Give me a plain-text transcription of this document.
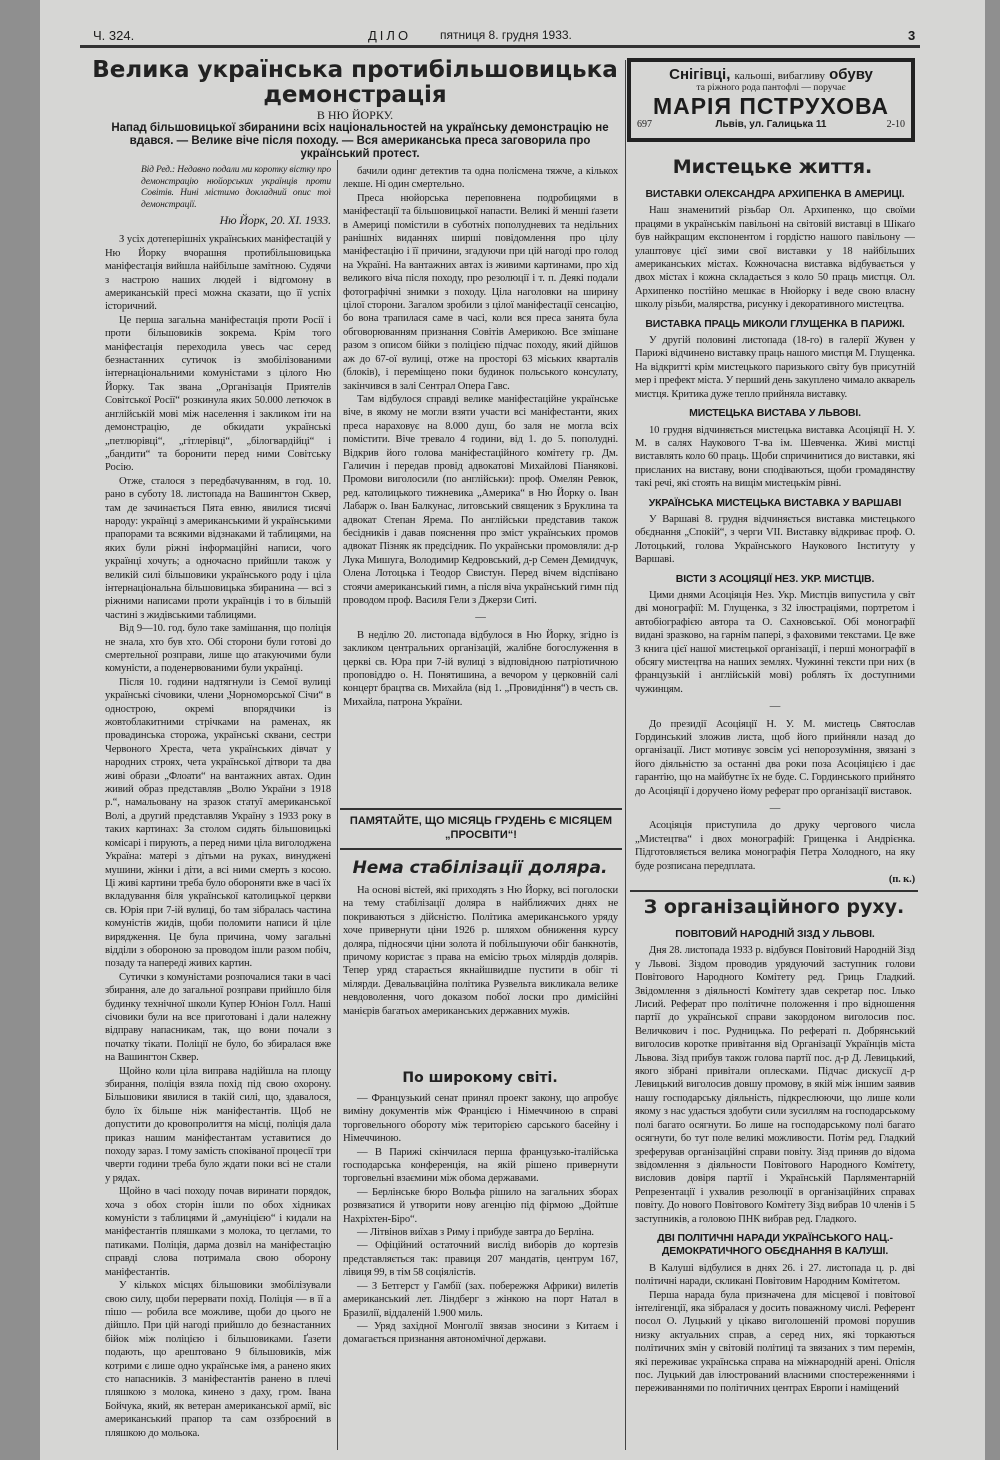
Ч. 324.	ДІЛО пятниця 8. грудня 1933.	3
Велика українська протибільшовицька демонстрація
В НЮ ЙОРКУ.
Напад більшовицької збиранини всіх національностей на українську демонстрацію не вдався. — Велике віче після походу. — Вся американська преса заговорила про український протест.
Від Ред.: Недавно подали ми коротку вістку про демонстрацію нюйорських українців проти Совітів. Нині містимо докладний опис тої демонстрації.
Ню Йорк, 20. XI. 1933.

З усіх дотеперішніх українських маніфестацій у Ню Йорку вчорашня протибільшовицька маніфестація вийшла найбільше замітною. Судячи з настрою наших людей і відгомону в американській пресі можна сказати, що її успіх історичний.

Це перша загальна маніфестація проти Росії і проти більшовиків зокрема. Крім того маніфестація переходила увесь час серед безнастанних сутичок із змобілізованими інтернаціональними комуністами з цілого Ню Йорку. Так звана „Організація Приятелів Совітської Росії“ розкинула яких 50.000 летючок в англійській мові між населення і закликом іти на демонстрацію, де обкидати українські „петлюрівці“, „гітлерівці“, „білогвардійці“ і „бандити“ та боронити перед ними Совітську Росію.

Отже, сталося з передбачуванням, в год. 10. рано в суботу 18. листопада на Вашингтон Сквер, там де зачинається Пята евню, явилися тисячі народу: українці з американськими й українськими прапорами та всякими відзнаками й таблицями, на яких були ріжні інформаційні написи, чого українці хочуть; а одночасно прийшли також у великій силі більшовики українського роду і ціла інтернаціональна більшовицька збиранина — всі з ріжними написами проти українців і то в більшій частині з жидівськими таблицями.

Від 9—10. год. було таке замішання, що поліція не знала, хто був хто. Обі сторони були готові до смертельної розправи, лише що атакуючими були комуністи, а поденервованими були українці.

Після 10. години надтягнули із Семої вулиці українські січовики, члени „Чорноморської Січи“ в однострою, окремі впорядчики із жовтоблакитними стрічками на раменах, як провадинська сторожа, українські сквани, сестри Червоного Хреста, чета українських дівчат у народних строях, чета української дітвори та два живі образи „Флоати“ на вантажних автах. Один живий образ представляв „Волю України з 1918 р.“, намальовану на зразок статуї американської Волі, а другий представляв Україну з 1933 року в таких картинах: За столом сидять більшовицькі комісарі і пирують, а перед ними ціла виголоджена Україна: матері з дітьми на руках, винуджені мушини, жінки і діти, а всі ними смерть з косою. Ці живі картини треба було обороняти вже в часі їх вкладування біля української католицької церкви св. Юрія при 7-ій вулиці, бо там зібралась частина комуністів жидів, щоби поломити написи й ціле вирядження. Це була причина, чому загальні відділи з обороною за проводом ішли разом побіч, позаду та напереді живих картин.

Сутички з комуністами розпочалися таки в часі збирання, але до загальної розправи прийшло біля будинку технічної школи Купер Юніон Голл. Наші січовики були на все приготовані і дали належну відправу напасникам, так, що вони почали з початку тікати. Поліції не було, бо збиралася вже на Вашингтон Сквер.

Щойно коли ціла виправа надійшла на площу збирання, поліція взяла похід під свою охорону. Більшовики явилися в такій силі, що, здавалося, було їх більше ніж маніфестантів. Щоб не допустити до кровопролиття на місці, поліція дала приказ нашим маніфестантам уставитися до походу зараз. І тому замість споківаної процесії три чверти години треба було ждати поки всі не стали у рядах.

Щойно в часі походу почав виринати порядок, хоча з обох сторін ішли по обох хідниках комуністи з таблицями й „амуніцією“ і кидали на маніфестантів пляшками з молока, то цеглами, то патиками. Поліція, дарма дозвіл на маніфестацію справді слова потримала свою оборону маніфестантів.

У кількох місцях більшовики змобілізували свою силу, щоби перервати похід. Поліція — в її а пішо — робила все можливе, щоби до цього не дійшло. При цій нагоді прийшло до безнастанних бійок між поліцією і більшовиками. Ґазети подають, що арештовано 9 більшовиків, між котрими є лише одно українське імя, а ранено яких сто напасників. З маніфестантів ранено в плечі пляшкою з молока, кинено з даху, гром. Івана Бойчука, який, як ветеран американської армії, віс американський прапор та сам оззброєний в пляшкою до мольока.

бачили одинг детектив та одна полісмена тяжче, а кількох лекше. Ні один смертельно.

Преса нюйорська переповнена подробицями в маніфестації та більшовицької напасти. Великі й менші ґазети в Америці помістили в суботніх пополудневих та недільних ранішніх виданнях ширші повідомлення про цілу маніфестацію і її причини, згадуючи при цій нагоді про голод на Україні. На вантажних автах із живими картинами, про хід великого віча після походу, про резолюції і т. п. Деякі подали фотографічні знимки з походу. Ціла наголовки на ширину цілої сторони. Загалом зробили з цілої маніфестації сенсацію, бо вона трапилася саме в часі, коли вся преса занята була обговорюванням признання Совітів Америкою. Все змішане разом з описом бійки з поліцією підчас походу, який дійшов аж до 67-ої вулиці, отже на просторі 63 міських кварталів (блоків), і переміщено поки будинок польського консулату, закінчився в залі Сентрал Опера Гавс.

Там відбулося справді велике маніфестаційне українське віче, в якому не могли взяти участи всі маніфестанти, яких преса нараховує на 8.000 душ, бо заля не могла всіх помістити. Віче тревало 4 години, від 1. до 5. пополудні. Відкрив його голова маніфестаційного комітету гр. Дм. Галичин і передав провід адвокатові Михайлові Піаняковi. Промови виголосили (по англійськи): проф. Омелян Ревюк, ред. католицького тижневика „Америка“ в Ню Йорку о. Іван Лабарж о. Іван Балкунас, литовський священик з Бруклина та адвокат Степан Яремa. По англійськи представив також бесідників і давав пояснення про зміст українських промов адвокат Пізняк як предсідник. По українськи промовляли: д-р Лука Мишуга, Володимир Кедровський, д-р Семен Демидчук, Олена Лотоцька і Теодор Свистун. Перед вічем відспівано стоячи американський гимн, а після віча український гимн під проводом проф. Василя Гели з Джерзи Ситі.

—

В неділю 20. листопада відбулося в Ню Йорку, згідно із закликом центральних організацій, жалібне богослуження в церкві св. Юра при 7-ій вулиці з відповідною патріотичною проповіддю о. Н. Понятишина, а вечором у церковній салі концерт брацтва св. Михайла (від 1. „Провидіння“) в честь св. Михайла, патрона України.

ПАМЯТАЙТЕ, ЩО МІСЯЦЬ ГРУДЕНЬ Є МІСЯЦЕМ „ПРОСВІТИ“!
Нема стабілізації доляра.

На основі вістей, які приходять з Ню Йорку, всі поголоски на тему стабілізації доляра в найближчих днях не покриваються з дійсністю. Політика американського уряду хоче привернути ціни 1926 р. шляхом обниження курсу доляра, підносячи ціни золота й побільшуючи обіг банкнотів, причому користає з права на емісію трьох мілярдів долярів. Тепер уряд старається якнайшвидше пустити в обіг ті мілярди. Девальваційна політика Рузвельта викликала велике невдоволення, чого доказом побої лоски про димісійні манієрів багатьох американських державних мужів.

По широкому світі.

— Французький сенат принял проект закону, що апробує виміну документів між Францією і Німеччиною в справі торговельного обороту між територією сарського басейну і Німеччиною.

— В Парижі скінчилася перша французько-італійська господарська конференція, на якій рішено привернути торговельні взаємини між обома державами.

— Берлінське бюро Вольфа рішило на загальних зборах розвязатися й утворити нову агенцію під фірмою „Дойтше Нахріхтен-Біро“.

— Літвінов виїхав з Риму і прибуде завтра до Берліна.

— Офіційний остаточний вислід виборів до кортезів представляється так: правиця 207 мандатів, центрум 167, лівиця 99, в тім 58 соціялістів.

— З Бетгерст у Гамбії (зах. побережжя Африки) вилетів американський лет. Ліндберг з жінкою на порт Натал в Бразилії, віддаленій 1.900 миль.

— Уряд західної Монголії звязав зносини з Китаєм і домагається признання автономічної держави.

Снігівці, кальоші, вибагливу обуву
та ріжного рода пантофлі — поручає
МАРІЯ ПСТРУХОВА
697	Львів, ул. Галицька 11	2-10
Мистецьке життя.
ВИСТАВКИ ОЛЕКСАНДРА АРХИПЕНКА В АМЕРИЦІ.

Наш знаменитий різьбар Ол. Архипенко, що своїми працями в українськім павільоні на світовій виставці в Шікаґо був найкращим експонентом і гордістю нашого павільону — улаштовує цієї зими свої виставки у 18 найбільших американських містах. Кожночасна виставка відбувається у двох містах і кожна складається з коло 50 праць мистця. Ол. Архипенко постійно мешкає в Нюйорку і веде свою власну школу різьби, малярства, рисунку і декоративного мистецтва.

ВИСТАВКА ПРАЦЬ МИКОЛИ ГЛУЩЕНКА В ПАРИЖІ.

У другій половині листопада (18-го) в галерії Жувен у Парижі відчинено виставку праць нашого мистця М. Глущенка. На відкритті крім мистецького паризького світу був присутній мер і префект міста. У перший день закуплено чимало акварель мистця. Критика дуже тепло прийняла виставку.

МИСТЕЦЬКА ВИСТАВА У ЛЬВОВІ.

10 грудня відчиняється мистецька виставка Асоціяції Н. У. М. в салях Наукового Т-ва ім. Шевченка. Живі мистці виставлять коло 60 праць. Щоби спричинитися до виставки, які присланих на виставу, вони сподіваються, щоби громадянству такі речі, які стоять на вищім мистецькім рівні.

УКРАЇНСЬКА МИСТЕЦЬКА ВИСТАВКА У ВАРШАВІ

У Варшаві 8. грудня відчиняється виставка мистецького обєднання „Спокій“, з черги VII. Виставку відкриває проф. О. Лотоцький, голова Українського Наукового Інституту у Варшаві.

ВІСТИ З АСОЦІЯЦІЇ НЕЗ. УКР. МИСТЦІВ.

Цими днями Асоціяція Нез. Укр. Мистців випустила у світ дві монографії: М. Глущенка, з 32 ілюстраціями, портретом і автобіографією автора та О. Сахновської. Обі монографії видані зразково, на гарнім папері, з фаховими текстами. Це вже 3 книга цієї нашої мистецької організації, і перші монографії в обсягу мистецтва на наших землях. Чужинні тексти при них (в французькій і англійській мові) роблять їх доступними чужинцям.

—

До президії Асоціяції Н. У. М. мистець Святослав Гординський зложив листа, щоб його прийняли назад до організації. Лист мотивує зовсім усі непорозуміння, звязані з його діяльністю за останні два роки поза Асоціяцією і дає гарантію, що на майбутнє їх не буде. С. Гординського прийнято до Асоціяції і доручено йому реферат про організації виставок.

—

Асоціяція приступила до друку чергового числа „Мистецтва“ і двох монографій: Грищенка і Андрієнка. Підготовляється велика монографія Петра Холодного, на яку буде розписана передплата.

(п. к.)
З організаційного руху.
ПОВІТОВИЙ НАРОДНІЙ ЗІЗД У ЛЬВОВІ.

Дня 28. листопада 1933 р. відбувся Повітовий Народній Зізд у Львові. Зіздом проводив урядуючий заступник голови Повітового Народного Комітету ред. Гриць Гладкий. Звідомлення з діяльності Комітету здав секретар пос. Ількo Лисий. Реферат про політичне положення і про відношення партії до української справи закордоном виголосив пос. Величкович і пос. Рудницька. По рефераті п. Добрянський виголосив коротке привітання від Організації Українців міста Львова. Зізд прибув також голова партії пос. д-р Д. Левицький, якого зібрані привітали оплесками. Підчас дискусії д-р Левицький виголосив довшу промову, в якій між іншим заявив нашу господарську діяльність, підкреслюючи, що лише коли якому з нас удасться здобути сили зусиллям на господарському полі багато осягнути. Бо лише на господарському полі багато осягнути, бо тут поле великі можливости. Потім ред. Гладкий зреферував організаційні справи повіту. Зізд приняв до відома звідомлення з діяльности Повітового Народного Комітету, висловив довіря партії і Українській Парляментарній Репрезентації і ухвалив резолюції в організаційних справах повіту. До нового Повітового Комітету Зізд вибрав 10 членів і 5 заступників, а головою ПНК вибрав ред. Гладкого.

ДВІ ПОЛІТИЧНІ НАРАДИ УКРАЇНСЬКОГО НАЦ.-ДЕМОКРАТИЧНОГО ОБЄДНАННЯ В КАЛУШІ.

В Калуші відбулися в днях 26. і 27. листопада ц. р. дві політичні наради, скликані Повітовим Народним Комітетом.

Перша нарада була призначена для місцевої і повітової інтелігенції, яка зібралася у досить поважному числі. Референт посол О. Луцький у цікаво виголошеній промові порушив низку актуальних справ, а серед них, які торкаються політичних змін у світовій політиці та звязаних з тим перемін, які переживає українська справа на міжнародній арені. Опісля пос. Луцький дав ілюстрований власними спостереженнями і переживаннями по політичних центрах Европи і наміщений
